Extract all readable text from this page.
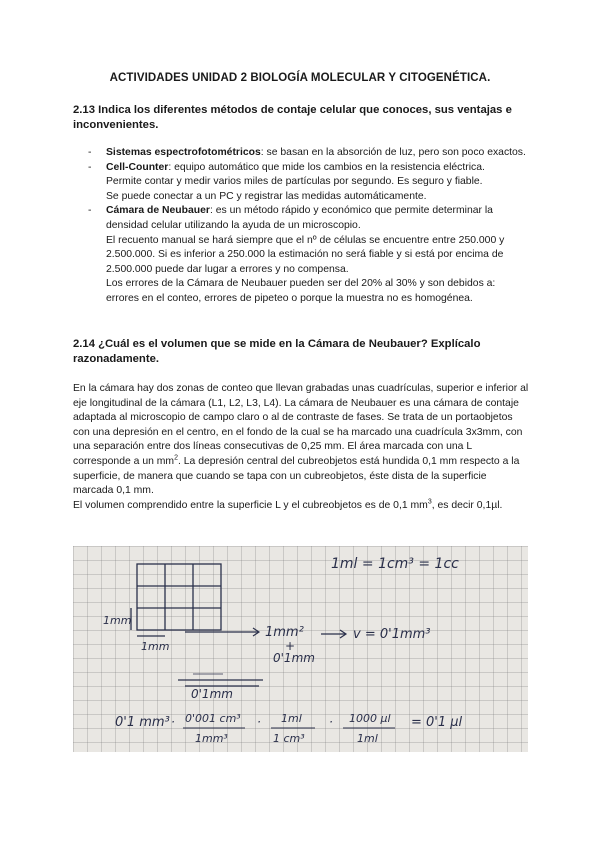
ACTIVIDADES UNIDAD 2 BIOLOGÍA MOLECULAR Y CITOGENÉTICA.
2.13 Indica los diferentes métodos de contaje celular que conoces, sus ventajas e inconvenientes.
- Sistemas espectrofotométricos: se basan en la absorción de luz, pero son poco exactos.

- Cell-Counter: equipo automático que mide los cambios en la resistencia eléctrica.

Permite contar y medir varios miles de partículas por segundo. Es seguro y fiable.

Se puede conectar a un PC y registrar las medidas automáticamente.

- Cámara de Neubauer: es un método rápido y económico que permite determinar la densidad celular utilizando la ayuda de un microscopio.

El recuento manual se hará siempre que el nº de células se encuentre entre 250.000 y 2.500.000. Si es inferior a 250.000 la estimación no será fiable y si está por encima de 2.500.000 puede dar lugar a errores y no compensa.

Los errores de la Cámara de Neubauer pueden ser del 20% al 30% y son debidos a: errores en el conteo, errores de pipeteo o porque la muestra no es homogénea.

2.14 ¿Cuál es el volumen que se mide en la Cámara de Neubauer? Explícalo razonadamente.

En la cámara hay dos zonas de conteo que llevan grabadas unas cuadrículas, superior e inferior al eje longitudinal de la cámara (L1, L2, L3, L4). La cámara de Neubauer es una cámara de contaje adaptada al microscopio de campo claro o al de contraste de fases. Se trata de un portaobjetos con una depresión en el centro, en el fondo de la cual se ha marcado una cuadrícula 3x3mm, con una separación entre dos líneas consecutivas de 0,25 mm. El área marcada con una L corresponde a un $mm^2$. La depresión central del cubreobjetos está hundida 0,1 mm respecto a la superficie, de manera que cuando se tapa con un cubreobjetos, éste dista de la superficie marcada 0,1 mm.

El volumen comprendido entre la superficie L y el cubreobjetos es de 0,1 $mm^3$, es decir 0,1µl.

1mm
1mm
1ml = 1cm³ = 1cc
1mm²
+
0'1mm
v = 0'1mm³
0'1mm
0'1 mm³ · 0'001 cm³
1mm³
· 1ml
1 cm³
· 1000 µl
1ml
= 0'1 µl
